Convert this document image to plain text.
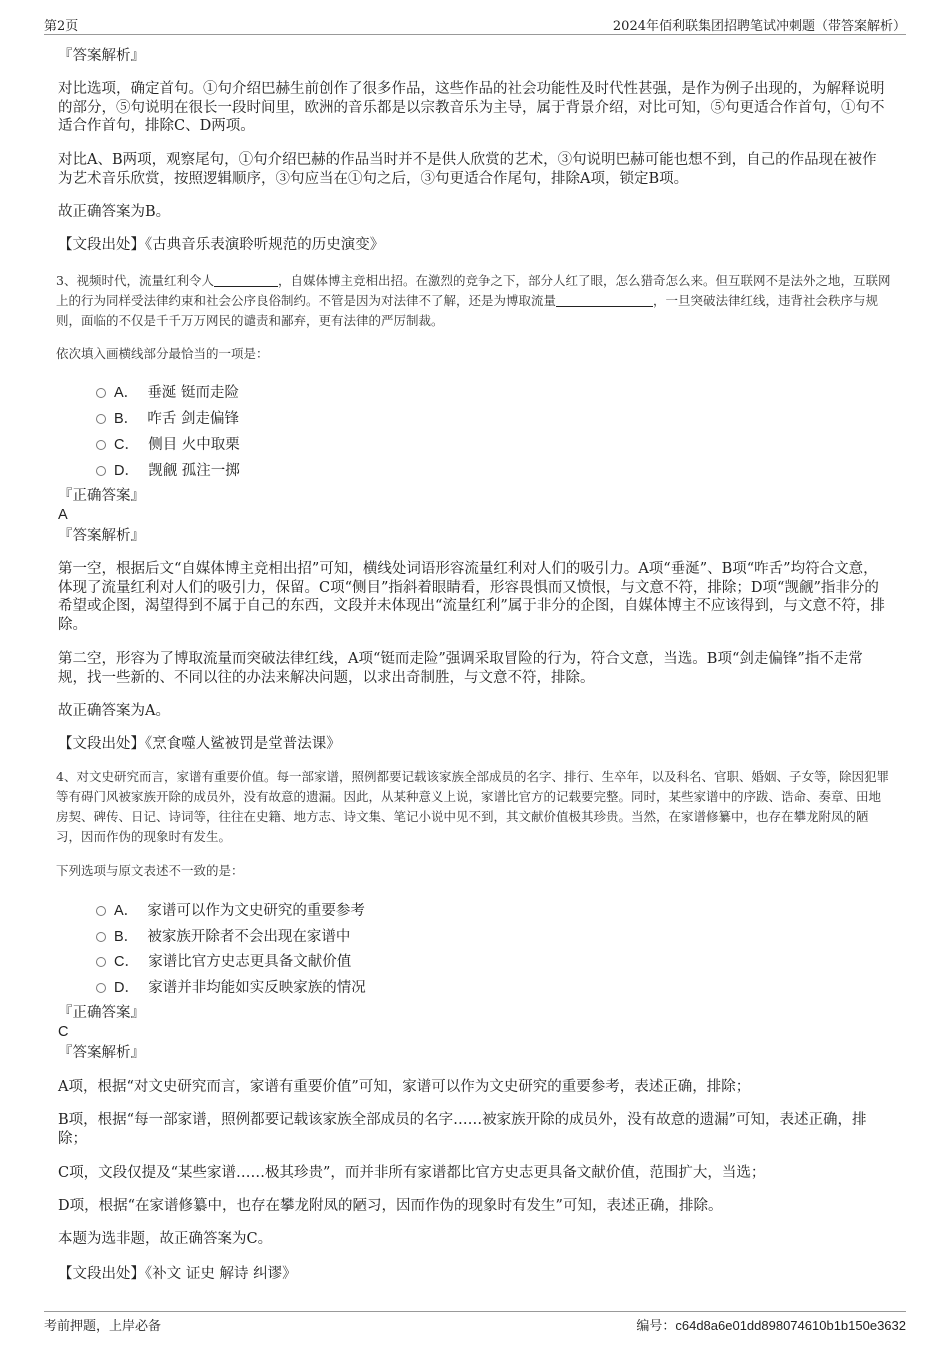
第2页	2024年佰利联集团招聘笔试冲刺题（带答案解析）
『答案解析』
对比选项，确定首句。①句介绍巴赫生前创作了很多作品，这些作品的社会功能性及时代性甚强，是作为例子出现的，为解释说明的部分，⑤句说明在很长一段时间里，欧洲的音乐都是以宗教音乐为主导，属于背景介绍，对比可知，⑤句更适合作首句，①句不适合作首句，排除C、D两项。
对比A、B两项，观察尾句，①句介绍巴赫的作品当时并不是供人欣赏的艺术，③句说明巴赫可能也想不到，自己的作品现在被作为艺术音乐欣赏，按照逻辑顺序，③句应当在①句之后，③句更适合作尾句，排除A项，锁定B项。
故正确答案为B。
【文段出处】《古典音乐表演聆听规范的历史演变》
3、视频时代，流量红利令人	，自媒体博主竞相出招。在激烈的竞争之下，部分人红了眼，怎么猎奇怎么来。但互联网不是法外之地，互联网上的行为同样受法律约束和社会公序良俗制约。不管是因为对法律不了解，还是为博取流量	，一旦突破法律红线，违背社会秩序与规则，面临的不仅是千千万万网民的谴责和鄙弃，更有法律的严厉制裁。
依次填入画横线部分最恰当的一项是：
A． 垂涎 铤而走险
B． 咋舌 剑走偏锋
C． 侧目 火中取栗
D． 觊觎 孤注一掷
『正确答案』
A
『答案解析』
第一空，根据后文“自媒体博主竞相出招”可知，横线处词语形容流量红利对人们的吸引力。A项“垂涎”、B项“咋舌”均符合文意，体现了流量红利对人们的吸引力，保留。C项“侧目”指斜着眼睛看，形容畏惧而又愤恨，与文意不符，排除；D项“觊觎”指非分的希望或企图，渴望得到不属于自己的东西，文段并未体现出“流量红利”属于非分的企图，自媒体博主不应该得到，与文意不符，排除。
第二空，形容为了博取流量而突破法律红线，A项“铤而走险”强调采取冒险的行为，符合文意，当选。B项“剑走偏锋”指不走常规，找一些新的、不同以往的办法来解决问题，以求出奇制胜，与文意不符，排除。
故正确答案为A。
【文段出处】《烹食噬人鲨被罚是堂普法课》
4、对文史研究而言，家谱有重要价值。每一部家谱，照例都要记载该家族全部成员的名字、排行、生卒年，以及科名、官职、婚姻、子女等，除因犯罪等有碍门风被家族开除的成员外，没有故意的遗漏。因此，从某种意义上说，家谱比官方的记载要完整。同时，某些家谱中的序跋、诰命、奏章、田地房契、碑传、日记、诗词等，往往在史籍、地方志、诗文集、笔记小说中见不到，其文献价值极其珍贵。当然，在家谱修纂中，也存在攀龙附凤的陋习，因而作伪的现象时有发生。
下列选项与原文表述不一致的是：
A． 家谱可以作为文史研究的重要参考
B． 被家族开除者不会出现在家谱中
C． 家谱比官方史志更具备文献价值
D． 家谱并非均能如实反映家族的情况
『正确答案』
C
『答案解析』
A项，根据“对文史研究而言，家谱有重要价值”可知，家谱可以作为文史研究的重要参考，表述正确，排除；
B项，根据“每一部家谱，照例都要记载该家族全部成员的名字……被家族开除的成员外，没有故意的遗漏”可知，表述正确，排除；
C项，文段仅提及“某些家谱……极其珍贵”，而并非所有家谱都比官方史志更具备文献价值，范围扩大，当选；
D项，根据“在家谱修纂中，也存在攀龙附凤的陋习，因而作伪的现象时有发生”可知，表述正确，排除。
本题为选非题，故正确答案为C。
【文段出处】《补文 证史 解诗 纠谬》
考前押题，上岸必备	编号：c64d8a6e01dd898074610b1b150e3632
